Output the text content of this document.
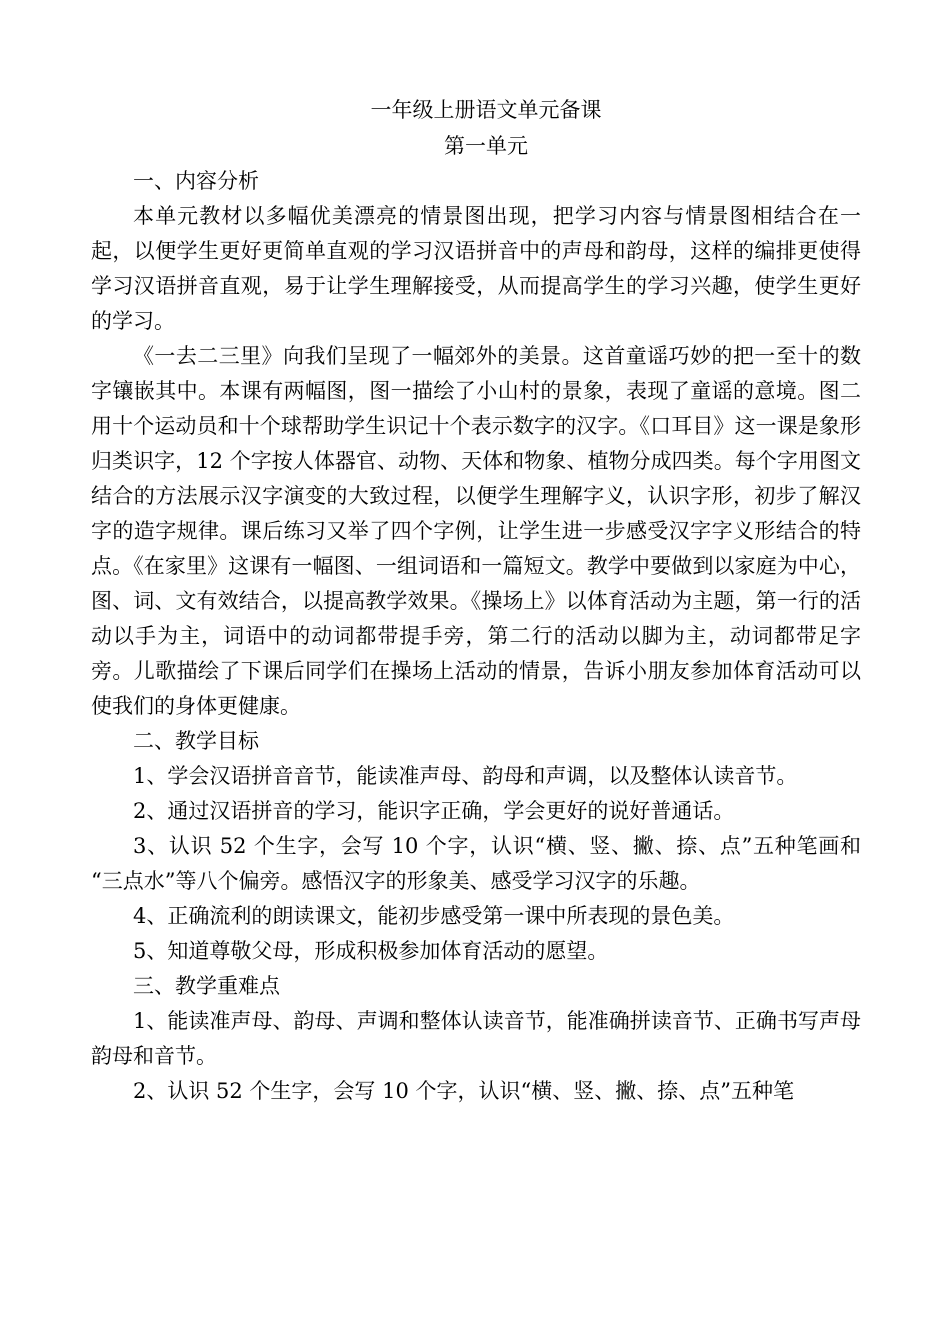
一年级上册语文单元备课
第一单元

一、内容分析

本单元教材以多幅优美漂亮的情景图出现，把学习内容与情景图相结合在一起，以便学生更好更简单直观的学习汉语拼音中的声母和韵母，这样的编排更使得学习汉语拼音直观，易于让学生理解接受，从而提高学生的学习兴趣，使学生更好的学习。

《一去二三里》向我们呈现了一幅郊外的美景。这首童谣巧妙的把一至十的数字镶嵌其中。本课有两幅图，图一描绘了小山村的景象，表现了童谣的意境。图二用十个运动员和十个球帮助学生识记十个表示数字的汉字。《口耳目》这一课是象形归类识字，12 个字按人体器官、动物、天体和物象、植物分成四类。每个字用图文结合的方法展示汉字演变的大致过程，以便学生理解字义，认识字形，初步了解汉字的造字规律。课后练习又举了四个字例，让学生进一步感受汉字字义形结合的特点。《在家里》这课有一幅图、一组词语和一篇短文。教学中要做到以家庭为中心，图、词、文有效结合，以提高教学效果。《操场上》以体育活动为主题，第一行的活动以手为主，词语中的动词都带提手旁，第二行的活动以脚为主，动词都带足字旁。儿歌描绘了下课后同学们在操场上活动的情景，告诉小朋友参加体育活动可以使我们的身体更健康。

二、教学目标

1、学会汉语拼音音节，能读准声母、韵母和声调，以及整体认读音节。

2、通过汉语拼音的学习，能识字正确，学会更好的说好普通话。

3、认识 52 个生字，会写 10 个字，认识“横、竖、撇、捺、点”五种笔画和 “三点水”等八个偏旁。感悟汉字的形象美、感受学习汉字的乐趣。

4、正确流利的朗读课文，能初步感受第一课中所表现的景色美。

5、知道尊敬父母，形成积极参加体育活动的愿望。

三、教学重难点

1、能读准声母、韵母、声调和整体认读音节，能准确拼读音节、正确书写声母韵母和音节。

2、认识 52 个生字，会写 10 个字，认识“横、竖、撇、捺、点”五种笔
